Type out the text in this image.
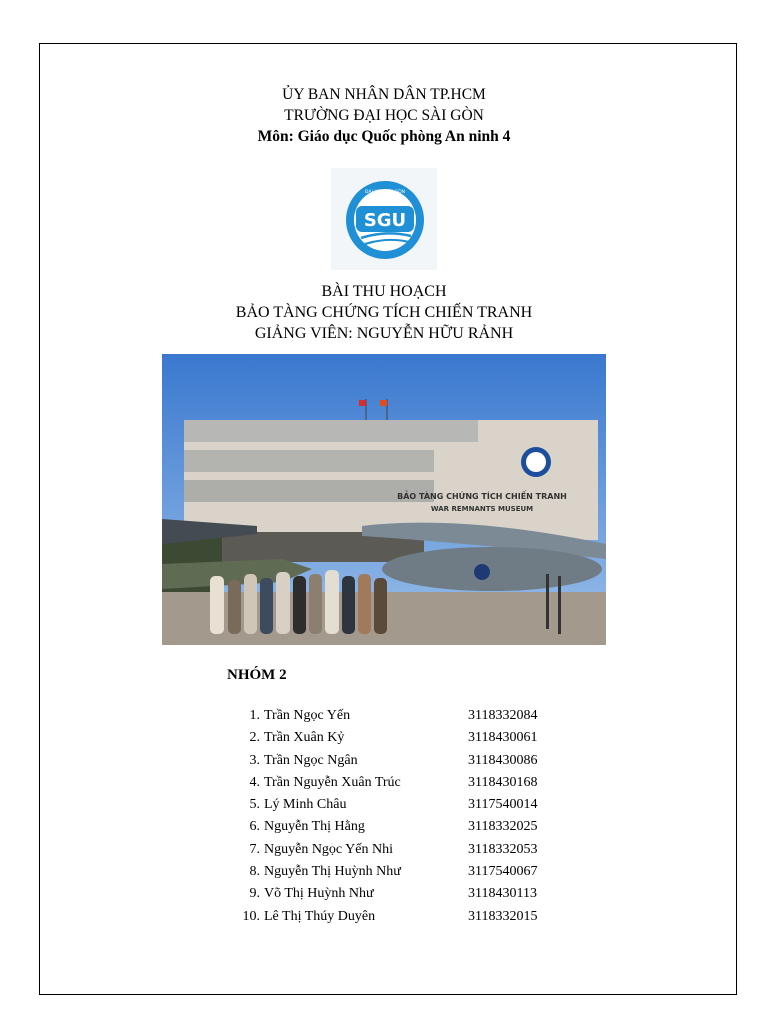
ỦY BAN NHÂN DÂN TP.HCM
TRƯỜNG ĐẠI HỌC SÀI GÒN
Môn: Giáo dục Quốc phòng An ninh 4
SGU
ĐẠI HỌC SÀI GÒN
BÀI THU HOẠCH
BẢO TÀNG CHỨNG TÍCH CHIẾN TRANH
GIẢNG VIÊN: NGUYỄN HỮU RẢNH
BẢO TÀNG CHỨNG TÍCH CHIẾN TRANH
WAR REMNANTS MUSEUM
NHÓM 2
1. Trần Ngọc Yến	3118332084
2. Trần Xuân Kỷ	3118430061
3. Trần Ngọc Ngân	3118430086
4. Trần Nguyễn Xuân Trúc	3118430168
5. Lý Minh Châu	3117540014
6. Nguyễn Thị Hằng	3118332025
7. Nguyễn Ngọc Yến Nhi	3118332053
8. Nguyễn Thị Huỳnh Như	3117540067
9. Võ Thị Huỳnh Như	3118430113
10. Lê Thị Thúy Duyên	3118332015
